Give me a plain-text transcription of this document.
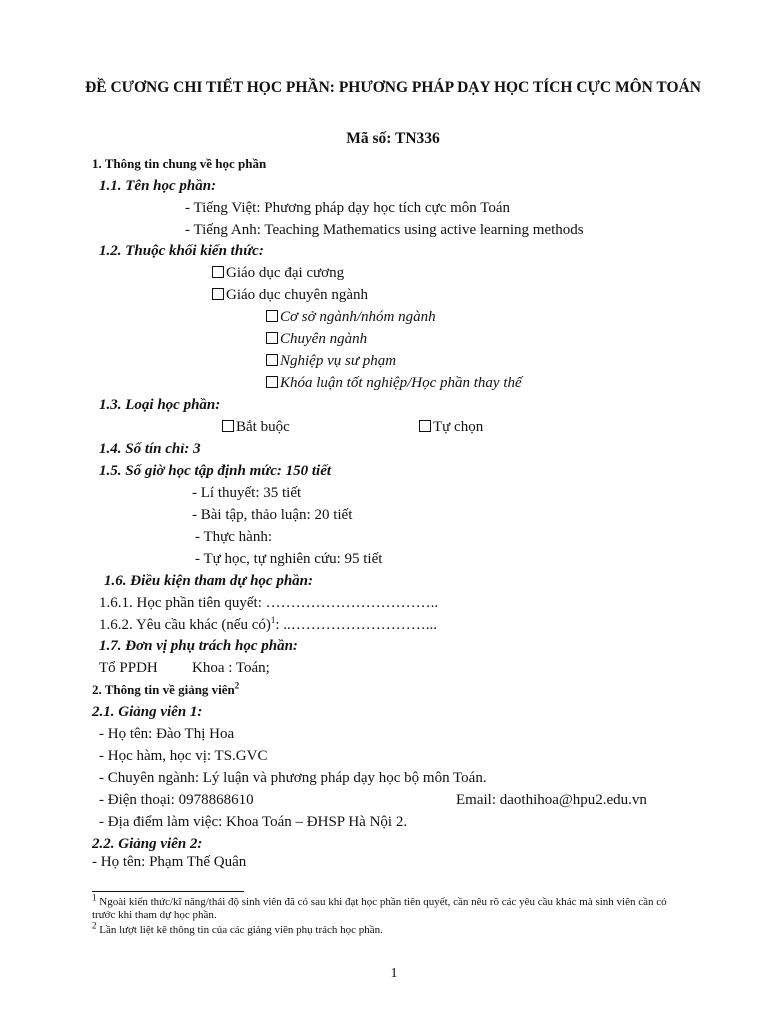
ĐỀ CƯƠNG CHI TIẾT HỌC PHẦN: PHƯƠNG PHÁP DẠY HỌC TÍCH CỰC MÔN TOÁN
Mã số: TN336
1. Thông tin chung về học phần
1.1. Tên học phần:
- Tiếng Việt: Phương pháp dạy học tích cực môn Toán
- Tiếng Anh: Teaching Mathematics using active learning methods
1.2. Thuộc khối kiến thức:
Giáo dục đại cương
Giáo dục chuyên ngành
Cơ sở ngành/nhóm ngành
Chuyên ngành
Nghiệp vụ sư phạm
Khóa luận tốt nghiệp/Học phần thay thế
1.3. Loại học phần:
Bắt buộc	Tự chọn
1.4. Số tín chỉ: 3
1.5. Số giờ học tập định mức: 150 tiết
- Lí thuyết: 35 tiết
- Bài tập, thảo luận: 20 tiết
- Thực hành:
- Tự học, tự nghiên cứu: 95 tiết
1.6. Điều kiện tham dự học phần:
1.6.1. Học phần tiên quyết: ……………………………..
1.6.2. Yêu cầu khác (nếu có)$^1$: ..………………………...
1.7. Đơn vị phụ trách học phần:
Tổ PPDH Khoa : Toán;
2. Thông tin về giảng viên$^2$
2.1. Giảng viên 1:
- Họ tên: Đào Thị Hoa
- Học hàm, học vị: TS.GVC
- Chuyên ngành: Lý luận và phương pháp dạy học bộ môn Toán.
- Điện thoại: 0978868610	Email: daothihoa@hpu2.edu.vn
- Địa điểm làm việc: Khoa Toán – ĐHSP Hà Nội 2.
2.2. Giảng viên 2:
- Họ tên: Phạm Thế Quân
$^1$ Ngoài kiến thức/kĩ năng/thái độ sinh viên đã có sau khi đạt học phần tiên quyết, cần nêu rõ các yêu cầu khác mà sinh viên cần có trước khi tham dự học phần.
$^2$ Lần lượt liệt kê thông tin của các giảng viên phụ trách học phần.
1
